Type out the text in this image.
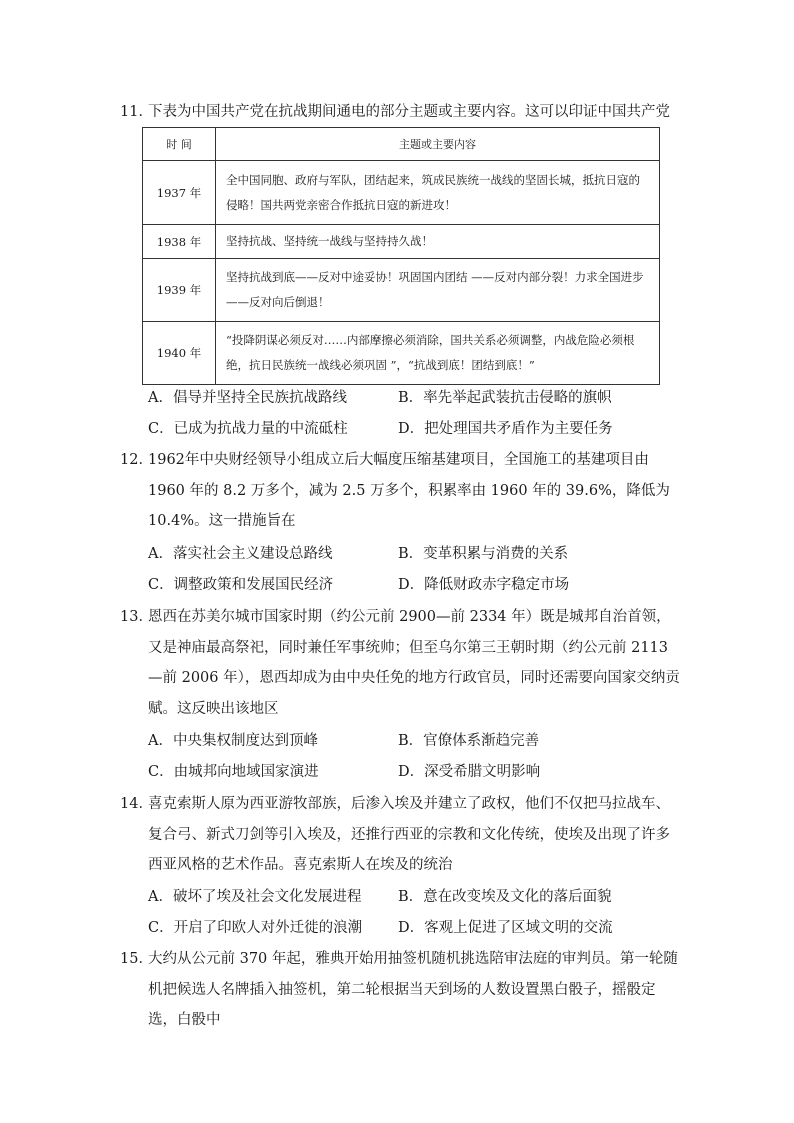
11．
下表为中国共产党在抗战期间通电的部分主题或主要内容。这可以印证中国共产党
时 间	主题或主要内容
1937 年	全中国同胞、政府与军队，团结起来，筑成民族统一战线的坚固长城，抵抗日寇的侵略！国共两党亲密合作抵抗日寇的新进攻！
1938 年	坚持抗战、坚持统一战线与坚持持久战！
1939 年	坚持抗战到底——反对中途妥协！巩固国内团结 ——反对内部分裂！力求全国进步——反对向后倒退！
1940 年	“投降阴谋必须反对……内部摩擦必须消除，国共关系必须调整，内战危险必须根绝，抗日民族统一战线必须巩固 ”，“抗战到底！团结到底！”
A．倡导并坚持全民族抗战路线	B．率先举起武装抗击侵略的旗帜
C．已成为抗战力量的中流砥柱	D．把处理国共矛盾作为主要任务
12．
1962年中央财经领导小组成立后大幅度压缩基建项目，全国施工的基建项目由 1960 年的 8.2 万多个，减为 2.5 万多个，积累率由 1960 年的 39.6%，降低为 10.4%。这一措施旨在
A．落实社会主义建设总路线	B．变革积累与消费的关系
C．调整政策和发展国民经济	D．降低财政赤字稳定市场
13．
恩西在苏美尔城市国家时期（约公元前 2900—前 2334 年）既是城邦自治首领，又是神庙最高祭祀，同时兼任军事统帅；但至乌尔第三王朝时期（约公元前 2113—前 2006 年），恩西却成为由中央任免的地方行政官员，同时还需要向国家交纳贡赋。这反映出该地区
A．中央集权制度达到顶峰	B．官僚体系渐趋完善
C．由城邦向地域国家演进	D．深受希腊文明影响
14．
喜克索斯人原为西亚游牧部族，后渗入埃及并建立了政权，他们不仅把马拉战车、复合弓、新式刀剑等引入埃及，还推行西亚的宗教和文化传统，使埃及出现了许多西亚风格的艺术作品。喜克索斯人在埃及的统治
A．破坏了埃及社会文化发展进程	B．意在改变埃及文化的落后面貌
C．开启了印欧人对外迁徙的浪潮 D．客观上促进了区域文明的交流
15．
大约从公元前 370 年起，雅典开始用抽签机随机挑选陪审法庭的审判员。第一轮随机把候选人名牌插入抽签机，第二轮根据当天到场的人数设置黑白骰子，摇骰定选，白骰中
